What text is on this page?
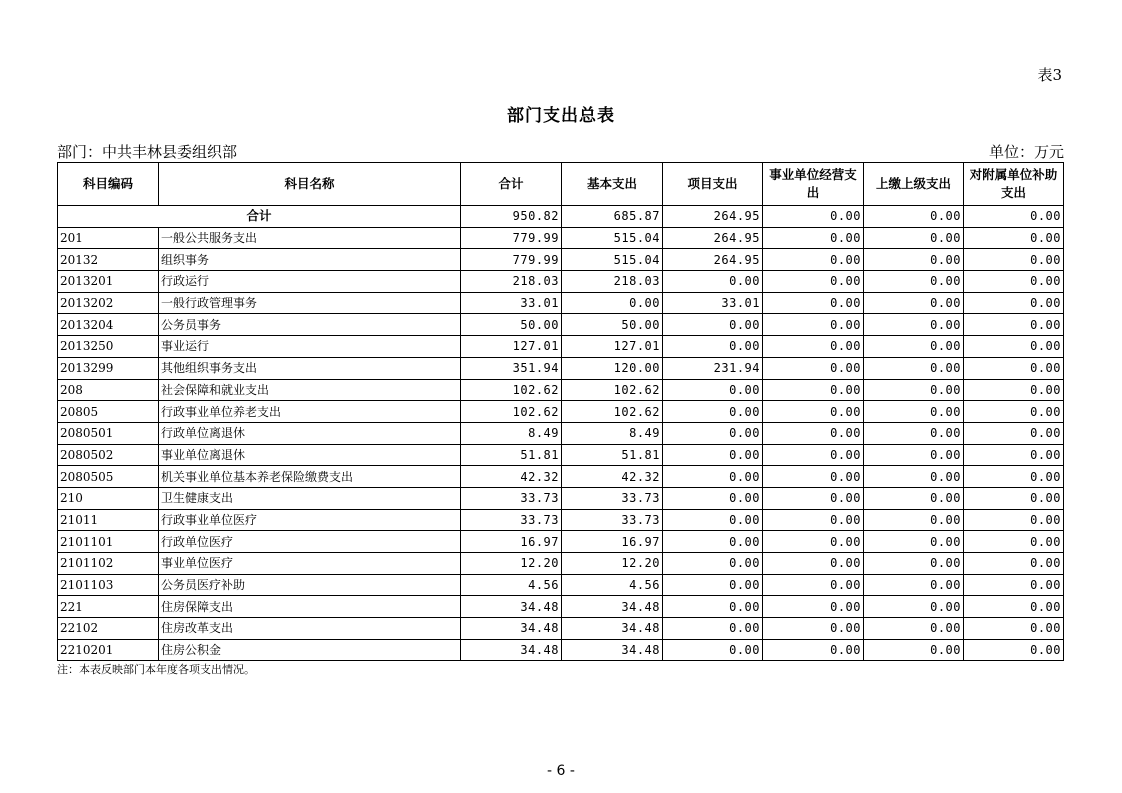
表3
部门支出总表
部门：中共丰林县委组织部	单位：万元
科目编码	科目名称	合计	基本支出	项目支出	事业单位经营支出	上缴上级支出	对附属单位补助支出
合计		950.82	685.87	264.95	0.00	0.00	0.00
201	一般公共服务支出	779.99	515.04	264.95	0.00	0.00	0.00
20132	组织事务	779.99	515.04	264.95	0.00	0.00	0.00
2013201	行政运行	218.03	218.03	0.00	0.00	0.00	0.00
2013202	一般行政管理事务	33.01	0.00	33.01	0.00	0.00	0.00
2013204	公务员事务	50.00	50.00	0.00	0.00	0.00	0.00
2013250	事业运行	127.01	127.01	0.00	0.00	0.00	0.00
2013299	其他组织事务支出	351.94	120.00	231.94	0.00	0.00	0.00
208	社会保障和就业支出	102.62	102.62	0.00	0.00	0.00	0.00
20805	行政事业单位养老支出	102.62	102.62	0.00	0.00	0.00	0.00
2080501	行政单位离退休	8.49	8.49	0.00	0.00	0.00	0.00
2080502	事业单位离退休	51.81	51.81	0.00	0.00	0.00	0.00
2080505	机关事业单位基本养老保险缴费支出	42.32	42.32	0.00	0.00	0.00	0.00
210	卫生健康支出	33.73	33.73	0.00	0.00	0.00	0.00
21011	行政事业单位医疗	33.73	33.73	0.00	0.00	0.00	0.00
2101101	行政单位医疗	16.97	16.97	0.00	0.00	0.00	0.00
2101102	事业单位医疗	12.20	12.20	0.00	0.00	0.00	0.00
2101103	公务员医疗补助	4.56	4.56	0.00	0.00	0.00	0.00
221	住房保障支出	34.48	34.48	0.00	0.00	0.00	0.00
22102	住房改革支出	34.48	34.48	0.00	0.00	0.00	0.00
2210201	住房公积金	34.48	34.48	0.00	0.00	0.00	0.00
注：本表反映部门本年度各项支出情况。
- 6 -
